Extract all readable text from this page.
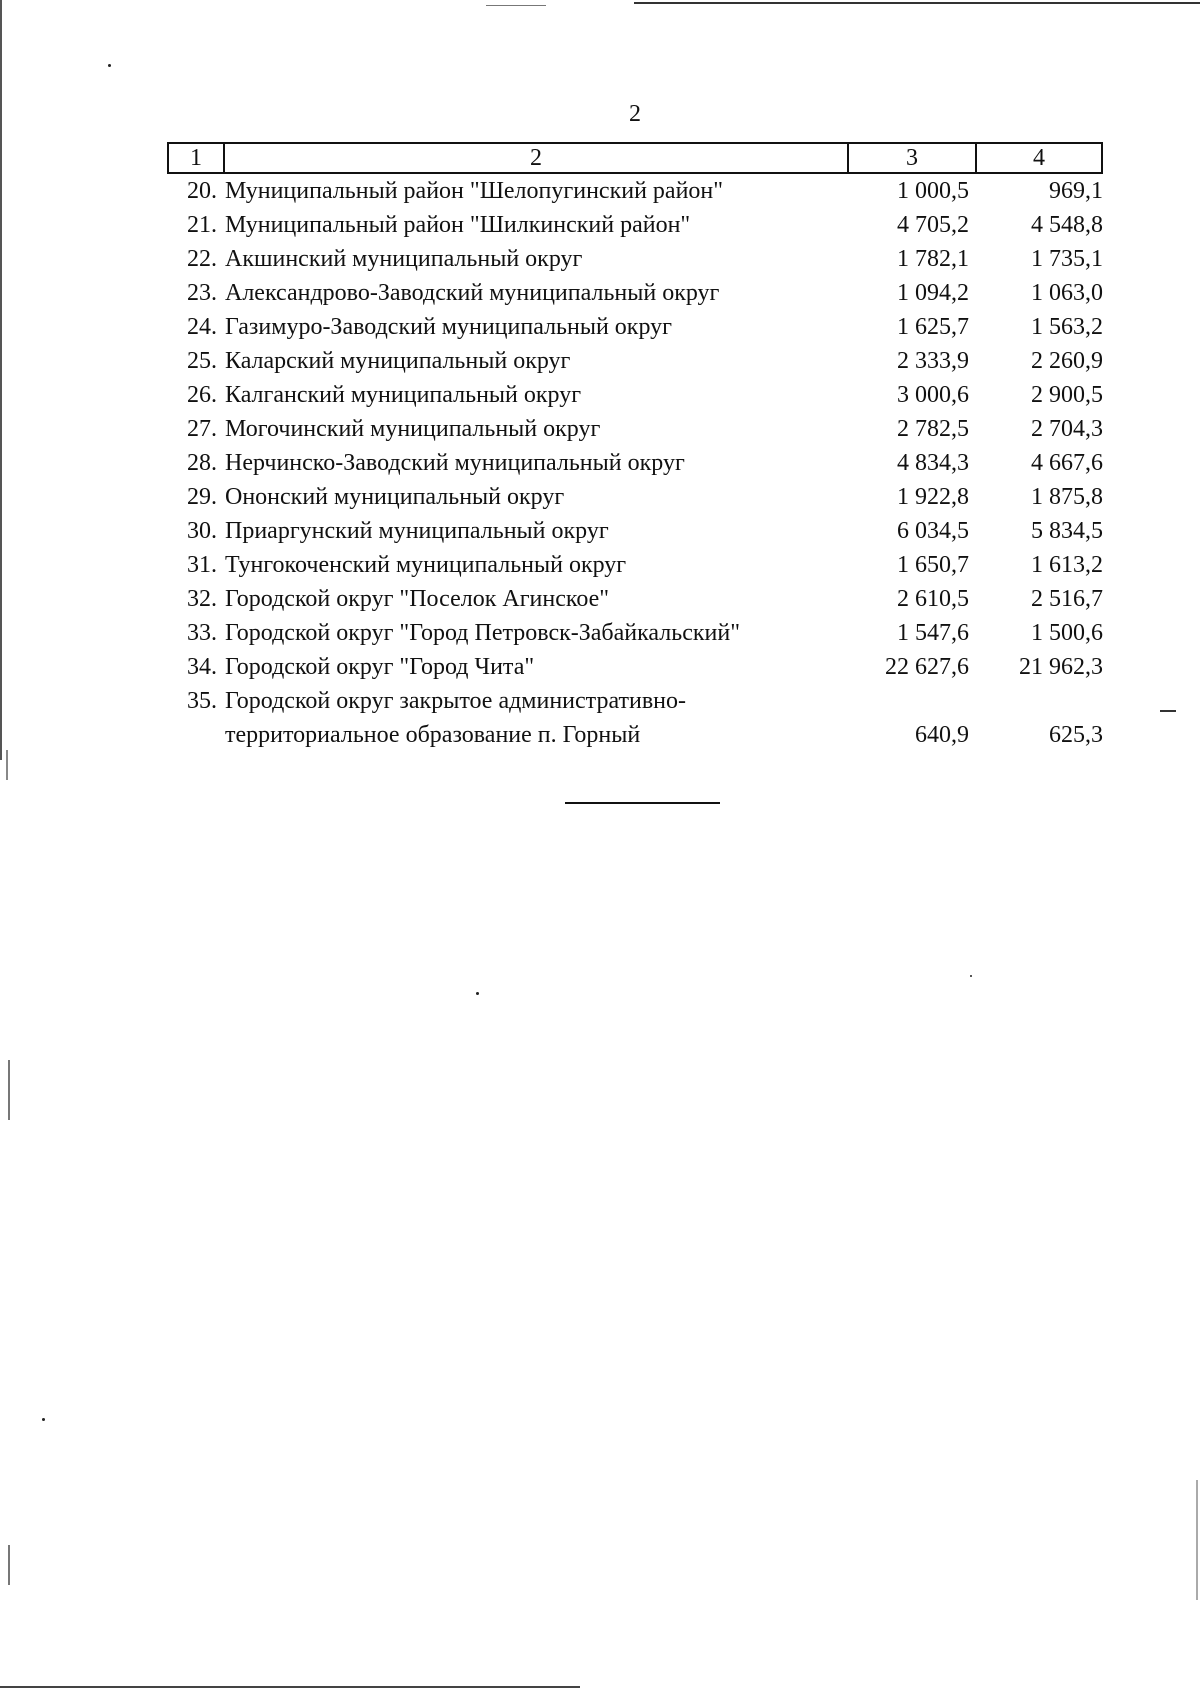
2
1	2	3	4
20. Муниципальный район "Шелопугинский район"	1 000,5	969,1
21. Муниципальный район "Шилкинский район"	4 705,2	4 548,8
22. Акшинский муниципальный округ	1 782,1	1 735,1
23. Александрово-Заводский муниципальный округ	1 094,2	1 063,0
24. Газимуро-Заводский муниципальный округ	1 625,7	1 563,2
25. Каларский муниципальный округ	2 333,9	2 260,9
26. Калганский муниципальный округ	3 000,6	2 900,5
27. Могочинский муниципальный округ	2 782,5	2 704,3
28. Нерчинско-Заводский муниципальный округ	4 834,3	4 667,6
29. Ононский муниципальный округ	1 922,8	1 875,8
30. Приаргунский муниципальный округ	6 034,5	5 834,5
31. Тунгокоченский муниципальный округ	1 650,7	1 613,2
32. Городской округ "Поселок Агинское"	2 610,5	2 516,7
33. Городской округ "Город Петровск-Забайкальский"	1 547,6	1 500,6
34. Городской округ "Город Чита"	22 627,6	21 962,3
35. Городской округ закрытое административно-
территориальное образование п. Горный	640,9	625,3
